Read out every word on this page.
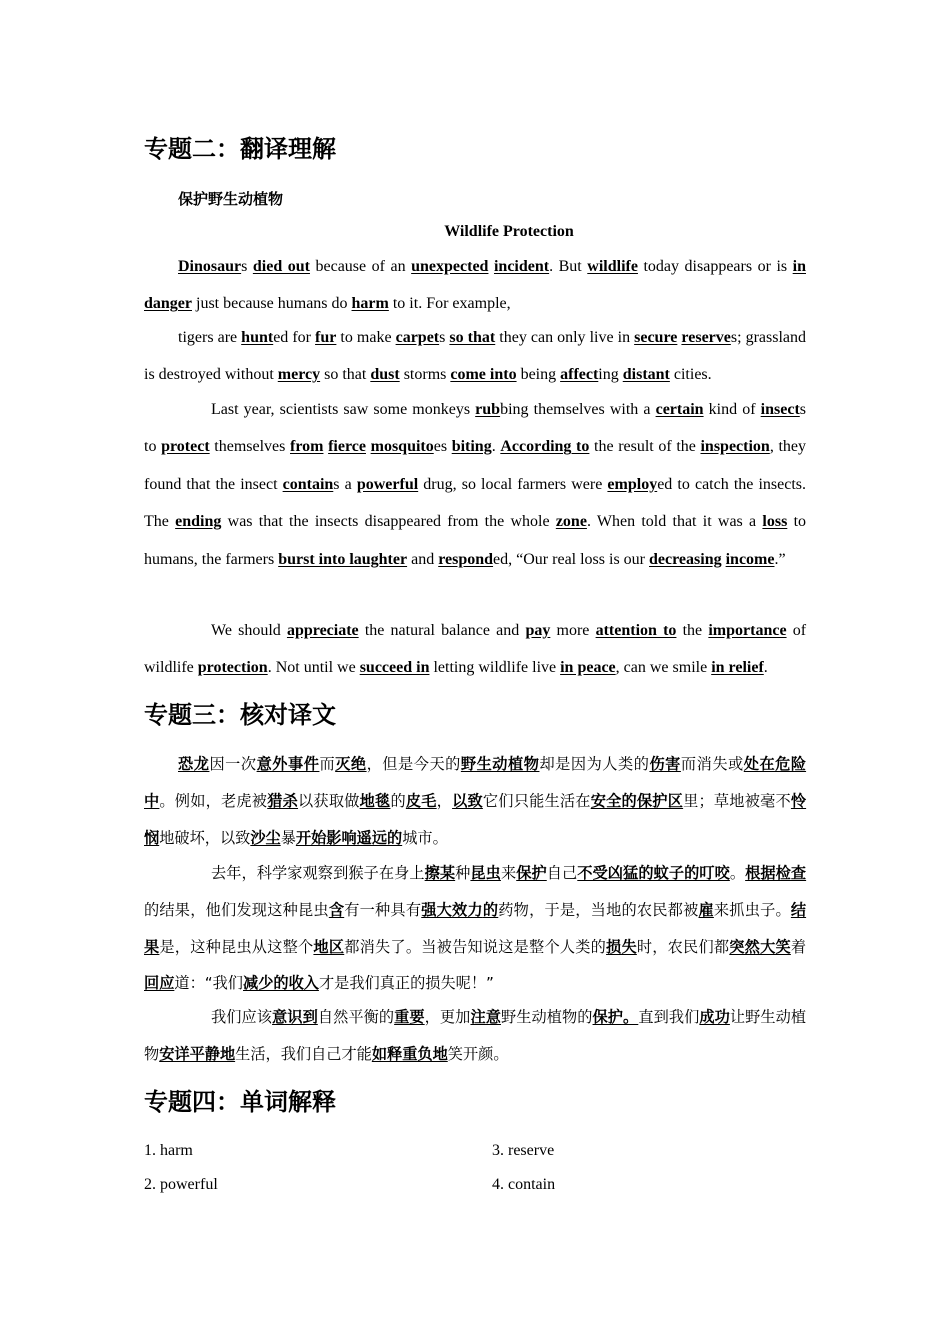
专题二：翻译理解
保护野生动植物
Wildlife Protection
Dinosaurs died out because of an unexpected incident. But wildlife today disappears or is in danger just because humans do harm to it. For example,
tigers are hunted for fur to make carpets so that they can only live in secure reserves; grassland is destroyed without mercy so that dust storms come into being affecting distant cities.
Last year, scientists saw some monkeys rubbing themselves with a certain kind of insects to protect themselves from fierce mosquitoes biting. According to the result of the inspection, they found that the insect contains a powerful drug, so local farmers were employed to catch the insects. The ending was that the insects disappeared from the whole zone. When told that it was a loss to humans, the farmers burst into laughter and responded, “Our real loss is our decreasing income.”
We should appreciate the natural balance and pay more attention to the importance of wildlife protection. Not until we succeed in letting wildlife live in peace, can we smile in relief.
专题三：核对译文
恐龙因一次意外事件而灭绝，但是今天的野生动植物却是因为人类的伤害而消失或处在危险中。例如，老虎被猎杀以获取做地毯的皮毛，以致它们只能生活在安全的保护区里；草地被毫不怜悯地破坏，以致沙尘暴开始影响遥远的城市。
去年，科学家观察到猴子在身上擦某种昆虫来保护自己不受凶猛的蚊子的叮咬。根据检查的结果，他们发现这种昆虫含有一种具有强大效力的药物，于是，当地的农民都被雇来抓虫子。结果是，这种昆虫从这整个地区都消失了。当被告知说这是整个人类的损失时，农民们都突然大笑着回应道：“我们减少的收入才是我们真正的损失呢！”
我们应该意识到自然平衡的重要，更加注意野生动植物的保护。直到我们成功让野生动植物安详平静地生活，我们自己才能如释重负地笑开颜。
专题四：单词解释
1. harm
2. powerful
3. reserve
4. contain
